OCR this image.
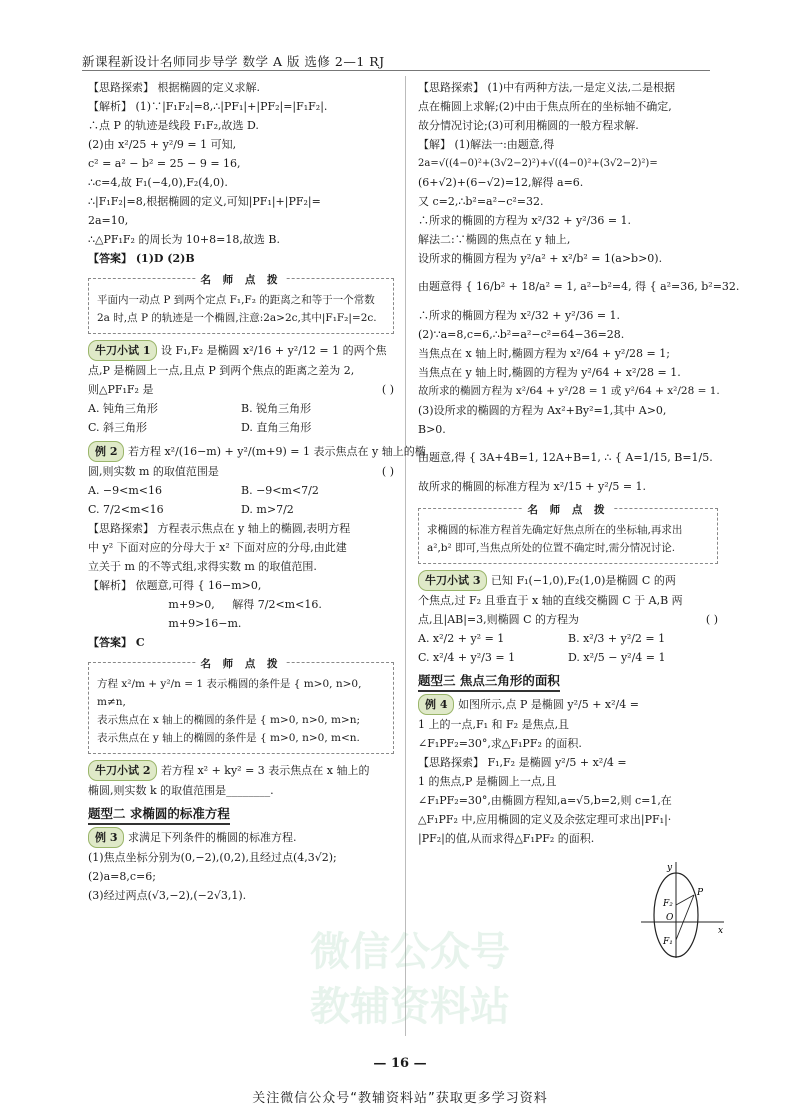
新课程新设计名师同步导学 数学 A 版 选修 2—1 RJ
微信公众号
教辅资料站
【思路探索】 根据椭圆的定义求解.
【解析】 (1)∵|F₁F₂|=8,∴|PF₁|+|PF₂|=|F₁F₂|.
∴点 P 的轨迹是线段 F₁F₂,故选 D.
(2)由 x²/25 + y²/9 = 1 可知,
c² = a² − b² = 25 − 9 = 16,
∴c=4,故 F₁(−4,0),F₂(4,0).
∴|F₁F₂|=8,根据椭圆的定义,可知|PF₁|+|PF₂|=
2a=10,
∴△PF₁F₂ 的周长为 10+8=18,故选 B.
【答案】 (1)D (2)B
名 师 点 拨
平面内一动点 P 到两个定点 F₁,F₂ 的距离之和等于一个常数 2a 时,点 P 的轨迹是一个椭圆,注意:2a>2c,其中|F₁F₂|=2c.
牛刀小试 1 设 F₁,F₂ 是椭圆 x²/16 + y²/12 = 1 的两个焦
点,P 是椭圆上一点,且点 P 到两个焦点的距离之差为 2,
则△PF₁F₂ 是	( )
A. 钝角三角形	B. 锐角三角形
C. 斜三角形	D. 直角三角形
例 2 若方程 x²/(16−m) + y²/(m+9) = 1 表示焦点在 y 轴上的椭
圆,则实数 m 的取值范围是	( )
A. −9<m<16	B. −9<m<7/2
C. 7/2<m<16	D. m>7/2
【思路探索】 方程表示焦点在 y 轴上的椭圆,表明方程
中 y² 下面对应的分母大于 x² 下面对应的分母,由此建
立关于 m 的不等式组,求得实数 m 的取值范围.
【解析】 依题意,可得 { 16−m>0,
m+9>0,     解得 7/2<m<16.
m+9>16−m.
【答案】 C
名 师 点 拨
方程 x²/m + y²/n = 1 表示椭圆的条件是 { m>0, n>0, m≠n,
表示焦点在 x 轴上的椭圆的条件是 { m>0, n>0, m>n;
表示焦点在 y 轴上的椭圆的条件是 { m>0, n>0, m<n.
牛刀小试 2 若方程 x² + ky² = 3 表示焦点在 x 轴上的
椭圆,则实数 k 的取值范围是________.
题型二 求椭圆的标准方程
例 3 求满足下列条件的椭圆的标准方程.
(1)焦点坐标分别为(0,−2),(0,2),且经过点(4,3√2);
(2)a=8,c=6;
(3)经过两点(√3,−2),(−2√3,1).
【思路探索】 (1)中有两种方法,一是定义法,二是根据
点在椭圆上求解;(2)中由于焦点所在的坐标轴不确定,
故分情况讨论;(3)可利用椭圆的一般方程求解.
【解】 (1)解法一:由题意,得
2a=√((4−0)²+(3√2−2)²)+√((4−0)²+(3√2−2)²)=
(6+√2)+(6−√2)=12,解得 a=6.
又 c=2,∴b²=a²−c²=32.
∴所求的椭圆的方程为 x²/32 + y²/36 = 1.
解法二:∵椭圆的焦点在 y 轴上,
设所求的椭圆方程为 y²/a² + x²/b² = 1(a>b>0).
由题意得 { 16/b² + 18/a² = 1, a²−b²=4, 得 { a²=36, b²=32.
∴所求的椭圆方程为 x²/32 + y²/36 = 1.
(2)∵a=8,c=6,∴b²=a²−c²=64−36=28.
当焦点在 x 轴上时,椭圆方程为 x²/64 + y²/28 = 1;
当焦点在 y 轴上时,椭圆的方程为 y²/64 + x²/28 = 1.
故所求的椭圆方程为 x²/64 + y²/28 = 1 或 y²/64 + x²/28 = 1.
(3)设所求的椭圆的方程为 Ax²+By²=1,其中 A>0,
B>0.
由题意,得 { 3A+4B=1, 12A+B=1, ∴ { A=1/15, B=1/5.
故所求的椭圆的标准方程为 x²/15 + y²/5 = 1.
名 师 点 拨
求椭圆的标准方程首先确定好焦点所在的坐标轴,再求出 a²,b² 即可,当焦点所处的位置不确定时,需分情况讨论.
牛刀小试 3 已知 F₁(−1,0),F₂(1,0)是椭圆 C 的两
个焦点,过 F₂ 且垂直于 x 轴的直线交椭圆 C 于 A,B 两
点,且|AB|=3,则椭圆 C 的方程为	( )
A. x²/2 + y² = 1	B. x²/3 + y²/2 = 1
C. x²/4 + y²/3 = 1	D. x²/5 − y²/4 = 1
题型三 焦点三角形的面积
例 4 如图所示,点 P 是椭圆 y²/5 + x²/4 =
1 上的一点,F₁ 和 F₂ 是焦点,且
∠F₁PF₂=30°,求△F₁PF₂ 的面积.
【思路探索】 F₁,F₂ 是椭圆 y²/5 + x²/4 =
1 的焦点,P 是椭圆上一点,且
∠F₁PF₂=30°,由椭圆方程知,a=√5,b=2,则 c=1,在
△F₁PF₂ 中,应用椭圆的定义及余弦定理可求出|PF₁|·
|PF₂|的值,从而求得△F₁PF₂ 的面积.
y
F₂
P
O
x
F₁
— 16 —
关注微信公众号“教辅资料站”获取更多学习资料
